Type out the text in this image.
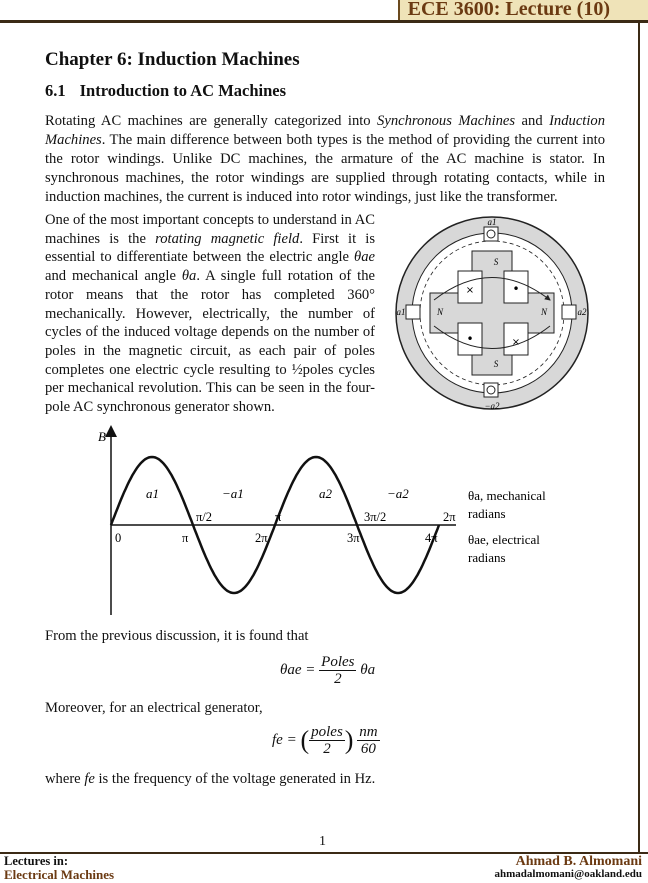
ECE 3600: Lecture (10)
Chapter 6: Induction Machines
6.1 Introduction to AC Machines

Rotating AC machines are generally categorized into Synchronous Machines and Induction Machines. The main difference between both types is the method of providing the current into the rotor windings. Unlike DC machines, the armature of the AC machine is stator. In synchronous machines, the rotor windings are supplied through rotating contacts, while in induction machines, the current is induced into rotor windings, just like the transformer.

One of the most important concepts to understand in AC machines is the rotating magnetic field. First it is essential to differentiate between the electric angle θae and mechanical angle θa. A single full rotation of the rotor means that the rotor has completed 360° mechanically. However, electrically, the number of cycles of the induced voltage depends on the number of poles in the magnetic circuit, as each pair of poles completes one electric cycle resulting to ½poles cycles per mechanical revolution. This can be seen in the four-pole AC synchronous generator shown.
×	•
•	×
a1
−a2
a1	a2
N	N
S
S
B
a1	−a1	a2	−a2
π/2	π	3π/2	2π
0	π	2π	3π	4π
θa, mechanical
radians
θae, electrical
radians
From the previous discussion, it is found that
$\theta ae = \frac{\text{Poles}}{2}$ θa
Moreover, for an electrical generator,
fe = ( $\frac{\text{poles}}{2}$ ) $\frac{nm}{60}$
where fe is the frequency of the voltage generated in Hz.
1
Lectures in:
Electrical Machines
Ahmad B. Almomani
ahmadalmomani@oakland.edu
